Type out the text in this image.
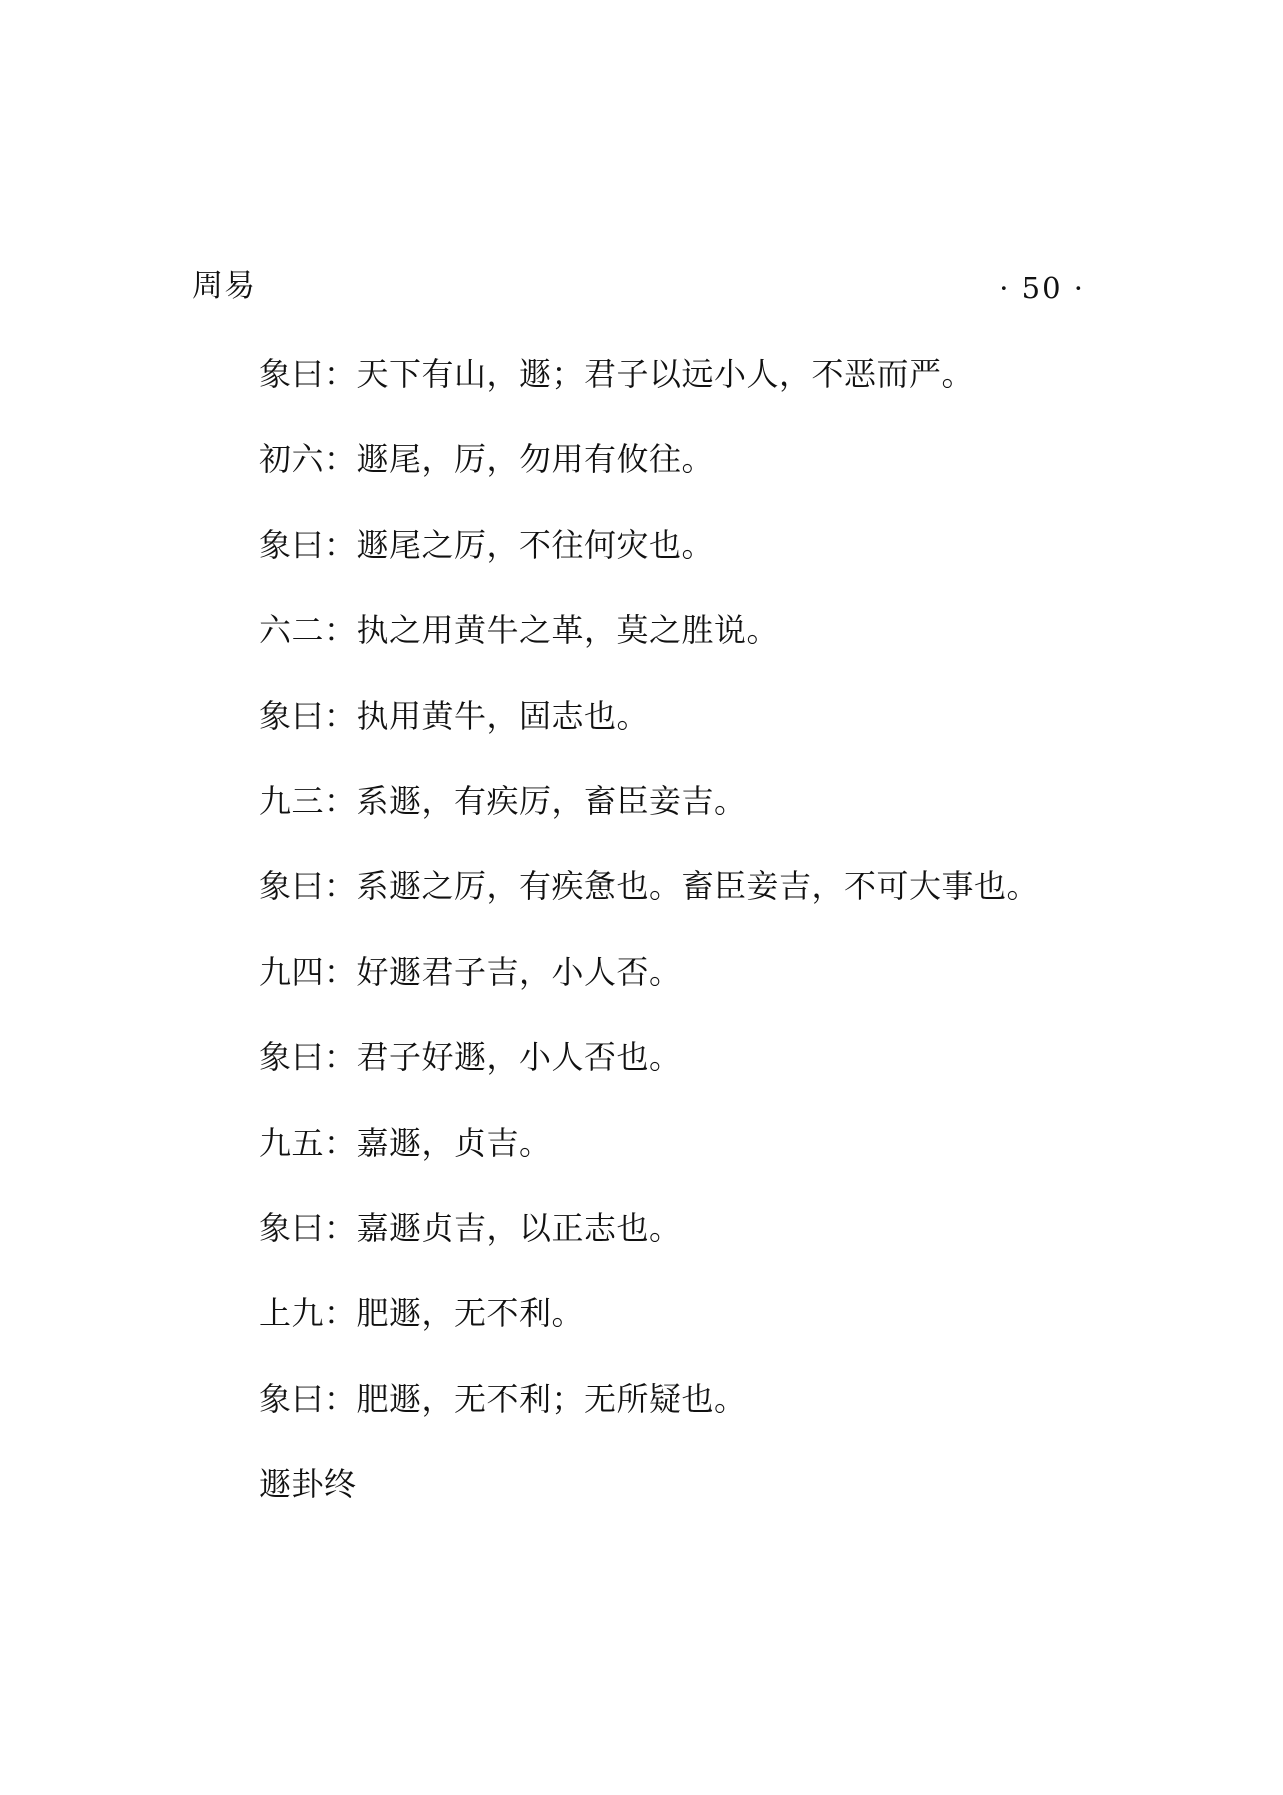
周易	· 50 ·
象曰：天下有山，遯；君子以远小人，不恶而严。
初六：遯尾，厉，勿用有攸往。
象曰：遯尾之厉，不往何灾也。
六二：执之用黄牛之革，莫之胜说。
象曰：执用黄牛，固志也。
九三：系遯，有疾厉，畜臣妾吉。
象曰：系遯之厉，有疾惫也。畜臣妾吉，不可大事也。
九四：好遯君子吉，小人否。
象曰：君子好遯，小人否也。
九五：嘉遯，贞吉。
象曰：嘉遯贞吉，以正志也。
上九：肥遯，无不利。
象曰：肥遯，无不利；无所疑也。
遯卦终
